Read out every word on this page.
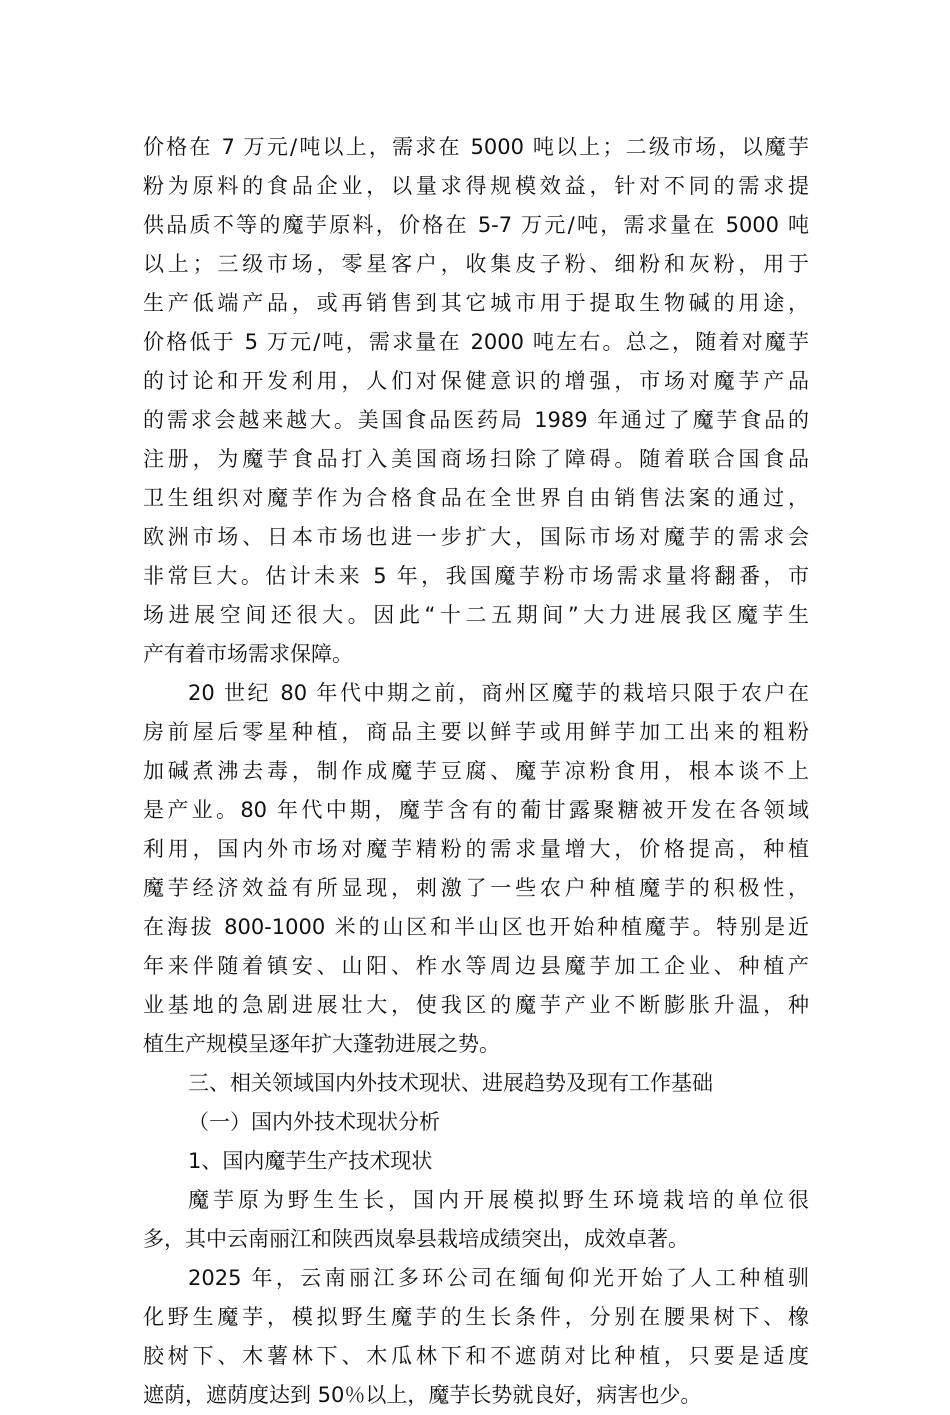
价格在 7 万元/吨以上，需求在 5000 吨以上；二级市场，以魔芋
粉为原料的食品企业，以量求得规模效益，针对不同的需求提
供品质不等的魔芋原料，价格在 5-7 万元/吨，需求量在 5000 吨
以上；三级市场，零星客户，收集皮子粉、细粉和灰粉，用于
生产低端产品，或再销售到其它城市用于提取生物碱的用途，
价格低于 5 万元/吨，需求量在 2000 吨左右。总之，随着对魔芋
的讨论和开发利用，人们对保健意识的增强，市场对魔芋产品
的需求会越来越大。美国食品医药局 1989 年通过了魔芋食品的
注册，为魔芋食品打入美国商场扫除了障碍。随着联合国食品
卫生组织对魔芋作为合格食品在全世界自由销售法案的通过，
欧洲市场、日本市场也进一步扩大，国际市场对魔芋的需求会
非常巨大。估计未来 5 年，我国魔芋粉市场需求量将翻番，市
场进展空间还很大。因此“十二五期间”大力进展我区魔芋生
产有着市场需求保障。
20 世纪 80 年代中期之前，商州区魔芋的栽培只限于农户在
房前屋后零星种植，商品主要以鲜芋或用鲜芋加工出来的粗粉
加碱煮沸去毒，制作成魔芋豆腐、魔芋凉粉食用，根本谈不上
是产业。80 年代中期，魔芋含有的葡甘露聚糖被开发在各领域
利用，国内外市场对魔芋精粉的需求量增大，价格提高，种植
魔芋经济效益有所显现，刺激了一些农户种植魔芋的积极性，
在海拔 800-1000 米的山区和半山区也开始种植魔芋。特别是近
年来伴随着镇安、山阳、柞水等周边县魔芋加工企业、种植产
业基地的急剧进展壮大，使我区的魔芋产业不断膨胀升温，种
植生产规模呈逐年扩大蓬勃进展之势。
三、相关领域国内外技术现状、进展趋势及现有工作基础
（一）国内外技术现状分析
1、国内魔芋生产技术现状
魔芋原为野生生长，国内开展模拟野生环境栽培的单位很
多，其中云南丽江和陕西岚皋县栽培成绩突出，成效卓著。
2025 年，云南丽江多环公司在缅甸仰光开始了人工种植驯
化野生魔芋，模拟野生魔芋的生长条件，分别在腰果树下、橡
胶树下、木薯林下、木瓜林下和不遮荫对比种植，只要是适度
遮荫，遮荫度达到 50％以上，魔芋长势就良好，病害也少。
